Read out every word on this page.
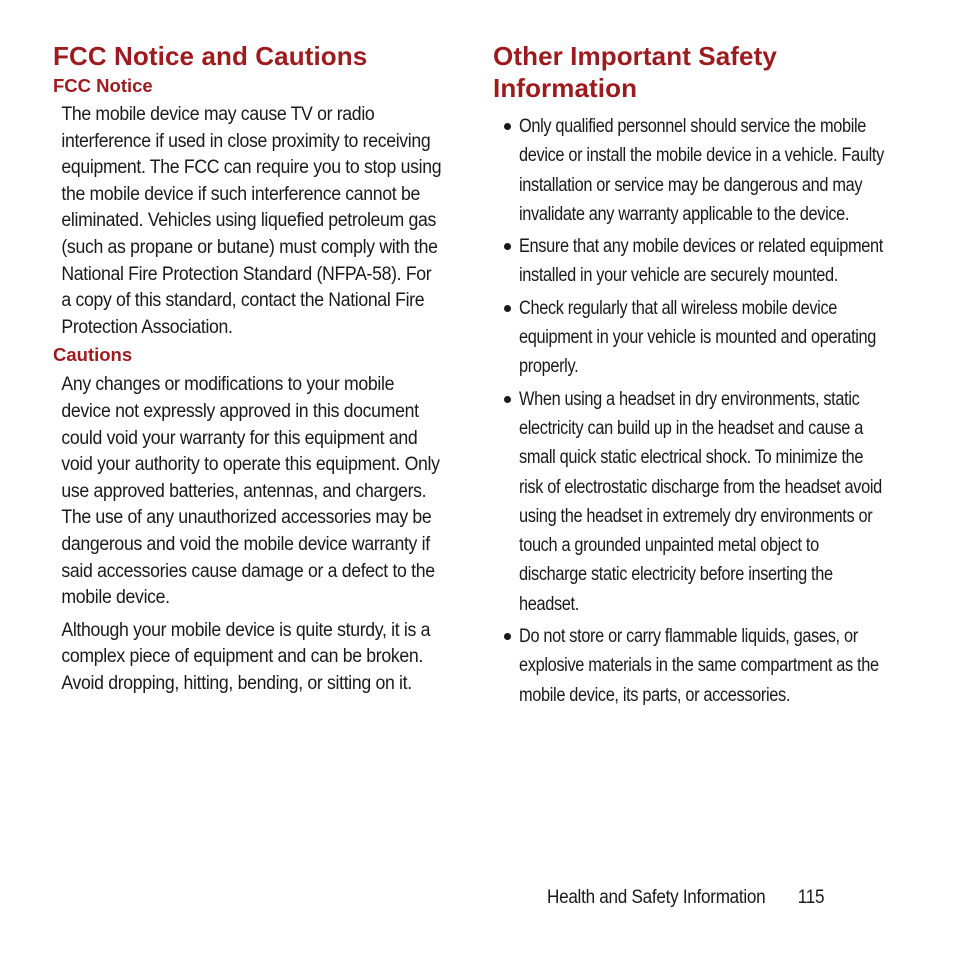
FCC Notice and Cautions
FCC Notice

The mobile device may cause TV or radio interference if used in close proximity to receiving equipment. The FCC can require you to stop using the mobile device if such interference cannot be eliminated. Vehicles using liquefied petroleum gas (such as propane or butane) must comply with the National Fire Protection Standard (NFPA-58). For a copy of this standard, contact the National Fire Protection Association.

Cautions

Any changes or modifications to your mobile device not expressly approved in this document could void your warranty for this equipment and void your authority to operate this equipment. Only use approved batteries, antennas, and chargers. The use of any unauthorized accessories may be dangerous and void the mobile device warranty if said accessories cause damage or a defect to the mobile device.

Although your mobile device is quite sturdy, it is a complex piece of equipment and can be broken. Avoid dropping, hitting, bending, or sitting on it.

Other Important Safety Information
Only qualified personnel should service the mobile device or install the mobile device in a vehicle. Faulty installation or service may be dangerous and may invalidate any warranty applicable to the device.
Ensure that any mobile devices or related equipment installed in your vehicle are securely mounted.
Check regularly that all wireless mobile device equipment in your vehicle is mounted and operating properly.
When using a headset in dry environments, static electricity can build up in the headset and cause a small quick static electrical shock. To minimize the risk of electrostatic discharge from the headset avoid using the headset in extremely dry environments or touch a grounded unpainted metal object to discharge static electricity before inserting the headset.
Do not store or carry flammable liquids, gases, or explosive materials in the same compartment as the mobile device, its parts, or accessories.
Health and Safety Information 115
